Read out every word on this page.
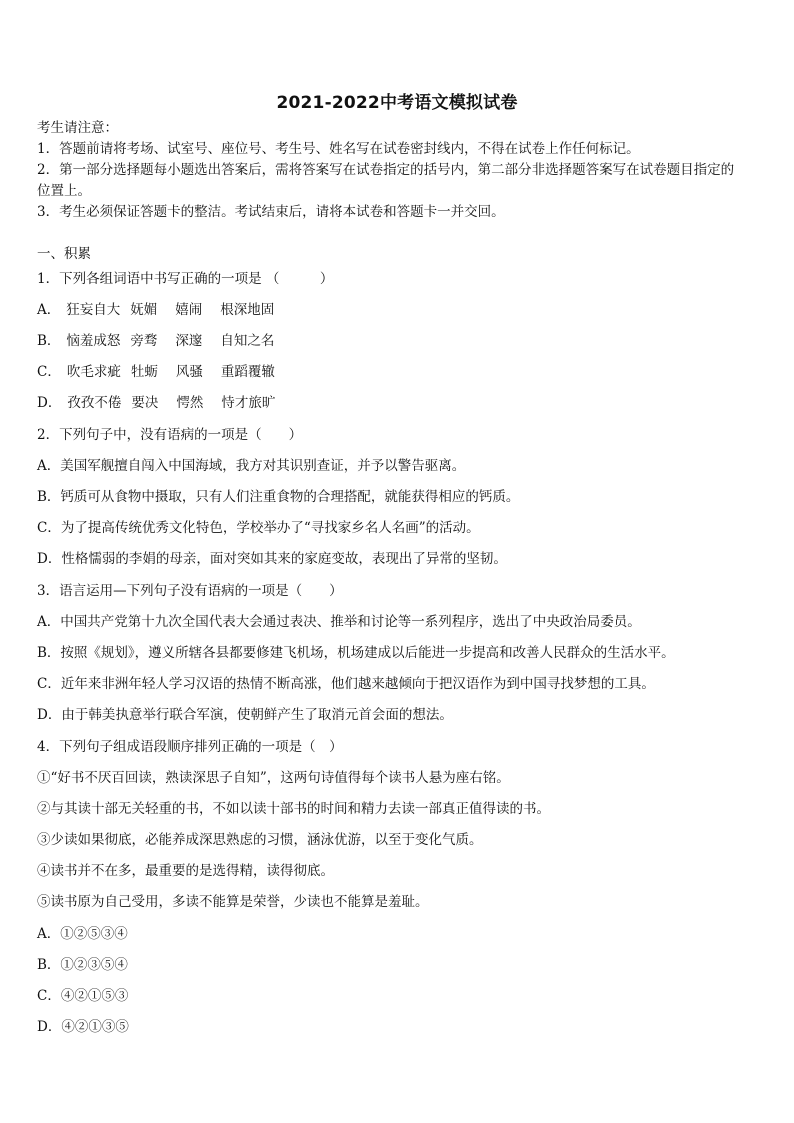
2021-2022中考语文模拟试卷
考生请注意：
1．答题前请将考场、试室号、座位号、考生号、姓名写在试卷密封线内，不得在试卷上作任何标记。
2．第一部分选择题每小题选出答案后，需将答案写在试卷指定的括号内，第二部分非选择题答案写在试卷题目指定的
位置上。
3．考生必须保证答题卡的整洁。考试结束后，请将本试卷和答题卡一并交回。
一、积累
1．下列各组词语中书写正确的一项是 （　　　）
A． 狂妄自大 妩媚 嬉闹 根深地固
B． 恼羞成怒 旁骛 深邃 自知之名
C． 吹毛求疵 牡蛎 风骚 重蹈覆辙
D． 孜孜不倦 要决 愕然 恃才旅旷
2．下列句子中，没有语病的一项是（　　）
A．美国军舰擅自闯入中国海域，我方对其识别查证，并予以警告驱离。
B．钙质可从食物中摄取，只有人们注重食物的合理搭配，就能获得相应的钙质。
C．为了提高传统优秀文化特色，学校举办了“寻找家乡名人名画”的活动。
D．性格懦弱的李娟的母亲，面对突如其来的家庭变故，表现出了异常的坚韧。
3．语言运用—下列句子没有语病的一项是（　　）
A．中国共产党第十九次全国代表大会通过表决、推举和讨论等一系列程序，选出了中央政治局委员。
B．按照《规划》，遵义所辖各县都要修建飞机场，机场建成以后能进一步提高和改善人民群众的生活水平。
C．近年来非洲年轻人学习汉语的热情不断高涨，他们越来越倾向于把汉语作为到中国寻找梦想的工具。
D．由于韩美执意举行联合军演，使朝鲜产生了取消元首会面的想法。
4．下列句子组成语段顺序排列正确的一项是（　）
①“好书不厌百回读，熟读深思子自知”，这两句诗值得每个读书人悬为座右铭。
②与其读十部无关轻重的书，不如以读十部书的时间和精力去读一部真正值得读的书。
③少读如果彻底，必能养成深思熟虑的习惯，涵泳优游，以至于变化气质。
④读书并不在多，最重要的是选得精，读得彻底。
⑤读书原为自己受用，多读不能算是荣誉，少读也不能算是羞耻。
A．①②⑤③④
B．①②③⑤④
C．④②①⑤③
D．④②①③⑤
